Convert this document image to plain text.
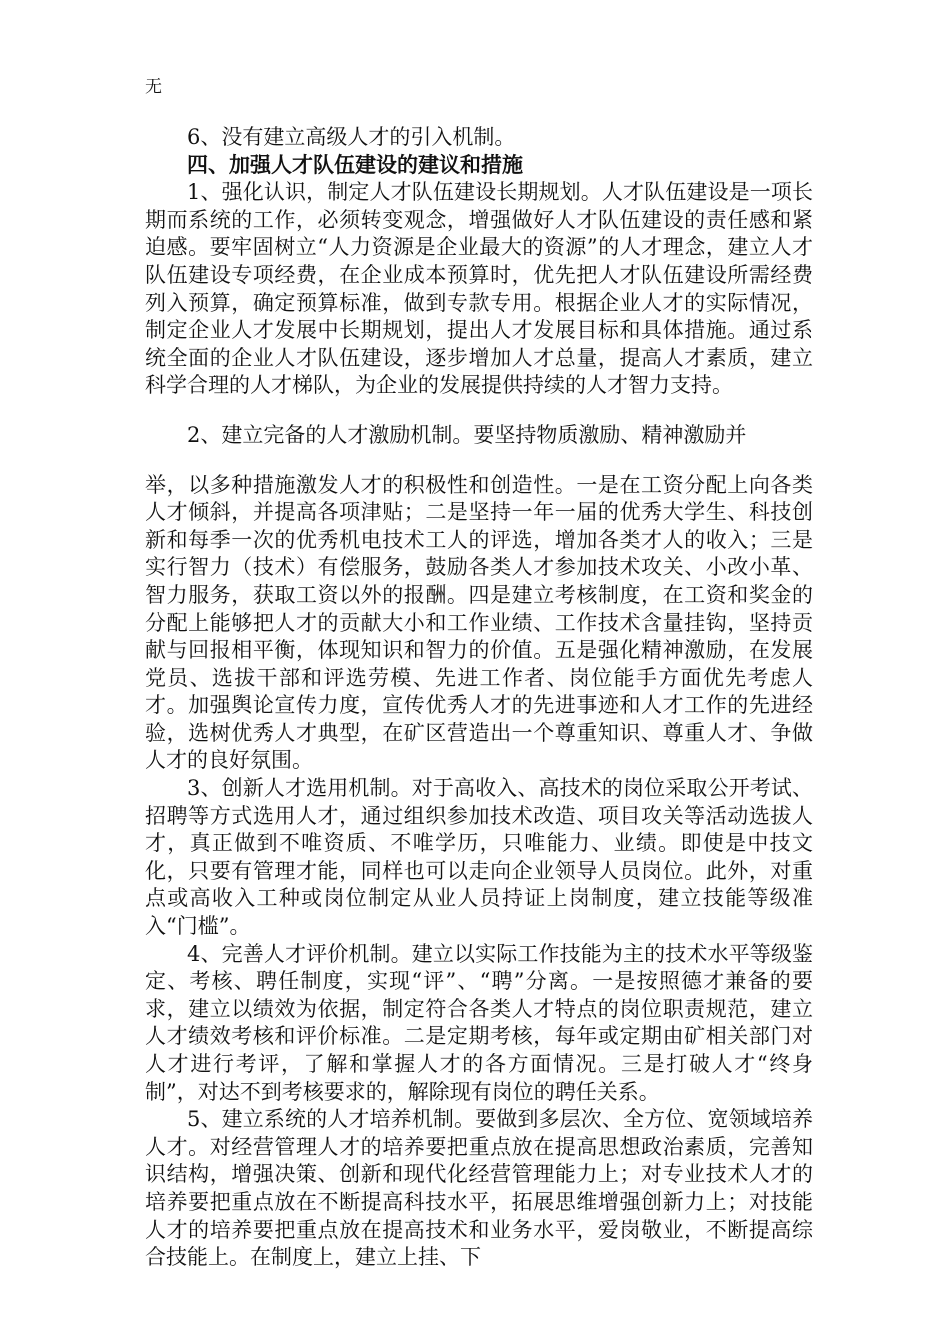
无

6、没有建立高级人才的引入机制。

四、加强人才队伍建设的建议和措施

1、强化认识，制定人才队伍建设长期规划。人才队伍建设是一项长期而系统的工作，必须转变观念，增强做好人才队伍建设的责任感和紧迫感。要牢固树立“人力资源是企业最大的资源”的人才理念，建立人才队伍建设专项经费，在企业成本预算时，优先把人才队伍建设所需经费列入预算，确定预算标准，做到专款专用。根据企业人才的实际情况，制定企业人才发展中长期规划，提出人才发展目标和具体措施。通过系统全面的企业人才队伍建设，逐步增加人才总量，提高人才素质，建立科学合理的人才梯队，为企业的发展提供持续的人才智力支持。

2、建立完备的人才激励机制。要坚持物质激励、精神激励并

举，以多种措施激发人才的积极性和创造性。一是在工资分配上向各类人才倾斜，并提高各项津贴；二是坚持一年一届的优秀大学生、科技创新和每季一次的优秀机电技术工人的评选，增加各类才人的收入；三是实行智力（技术）有偿服务，鼓励各类人才参加技术攻关、小改小革、智力服务，获取工资以外的报酬。四是建立考核制度，在工资和奖金的分配上能够把人才的贡献大小和工作业绩、工作技术含量挂钩，坚持贡献与回报相平衡，体现知识和智力的价值。五是强化精神激励，在发展党员、选拔干部和评选劳模、先进工作者、岗位能手方面优先考虑人才。加强舆论宣传力度，宣传优秀人才的先进事迹和人才工作的先进经验，选树优秀人才典型，在矿区营造出一个尊重知识、尊重人才、争做人才的良好氛围。

3、创新人才选用机制。对于高收入、高技术的岗位采取公开考试、招聘等方式选用人才，通过组织参加技术改造、项目攻关等活动选拔人才，真正做到不唯资质、不唯学历，只唯能力、业绩。即使是中技文化，只要有管理才能，同样也可以走向企业领导人员岗位。此外，对重点或高收入工种或岗位制定从业人员持证上岗制度，建立技能等级准入“门槛”。

4、完善人才评价机制。建立以实际工作技能为主的技术水平等级鉴定、考核、聘任制度，实现“评”、“聘”分离。一是按照德才兼备的要求，建立以绩效为依据，制定符合各类人才特点的岗位职责规范，建立人才绩效考核和评价标准。二是定期考核，每年或定期由矿相关部门对人才进行考评，了解和掌握人才的各方面情况。三是打破人才“终身制”，对达不到考核要求的，解除现有岗位的聘任关系。

5、建立系统的人才培养机制。要做到多层次、全方位、宽领域培养人才。对经营管理人才的培养要把重点放在提高思想政治素质，完善知识结构，增强决策、创新和现代化经营管理能力上；对专业技术人才的培养要把重点放在不断提高科技水平，拓展思维增强创新力上；对技能人才的培养要把重点放在提高技术和业务水平，爱岗敬业，不断提高综合技能上。在制度上，建立上挂、下
